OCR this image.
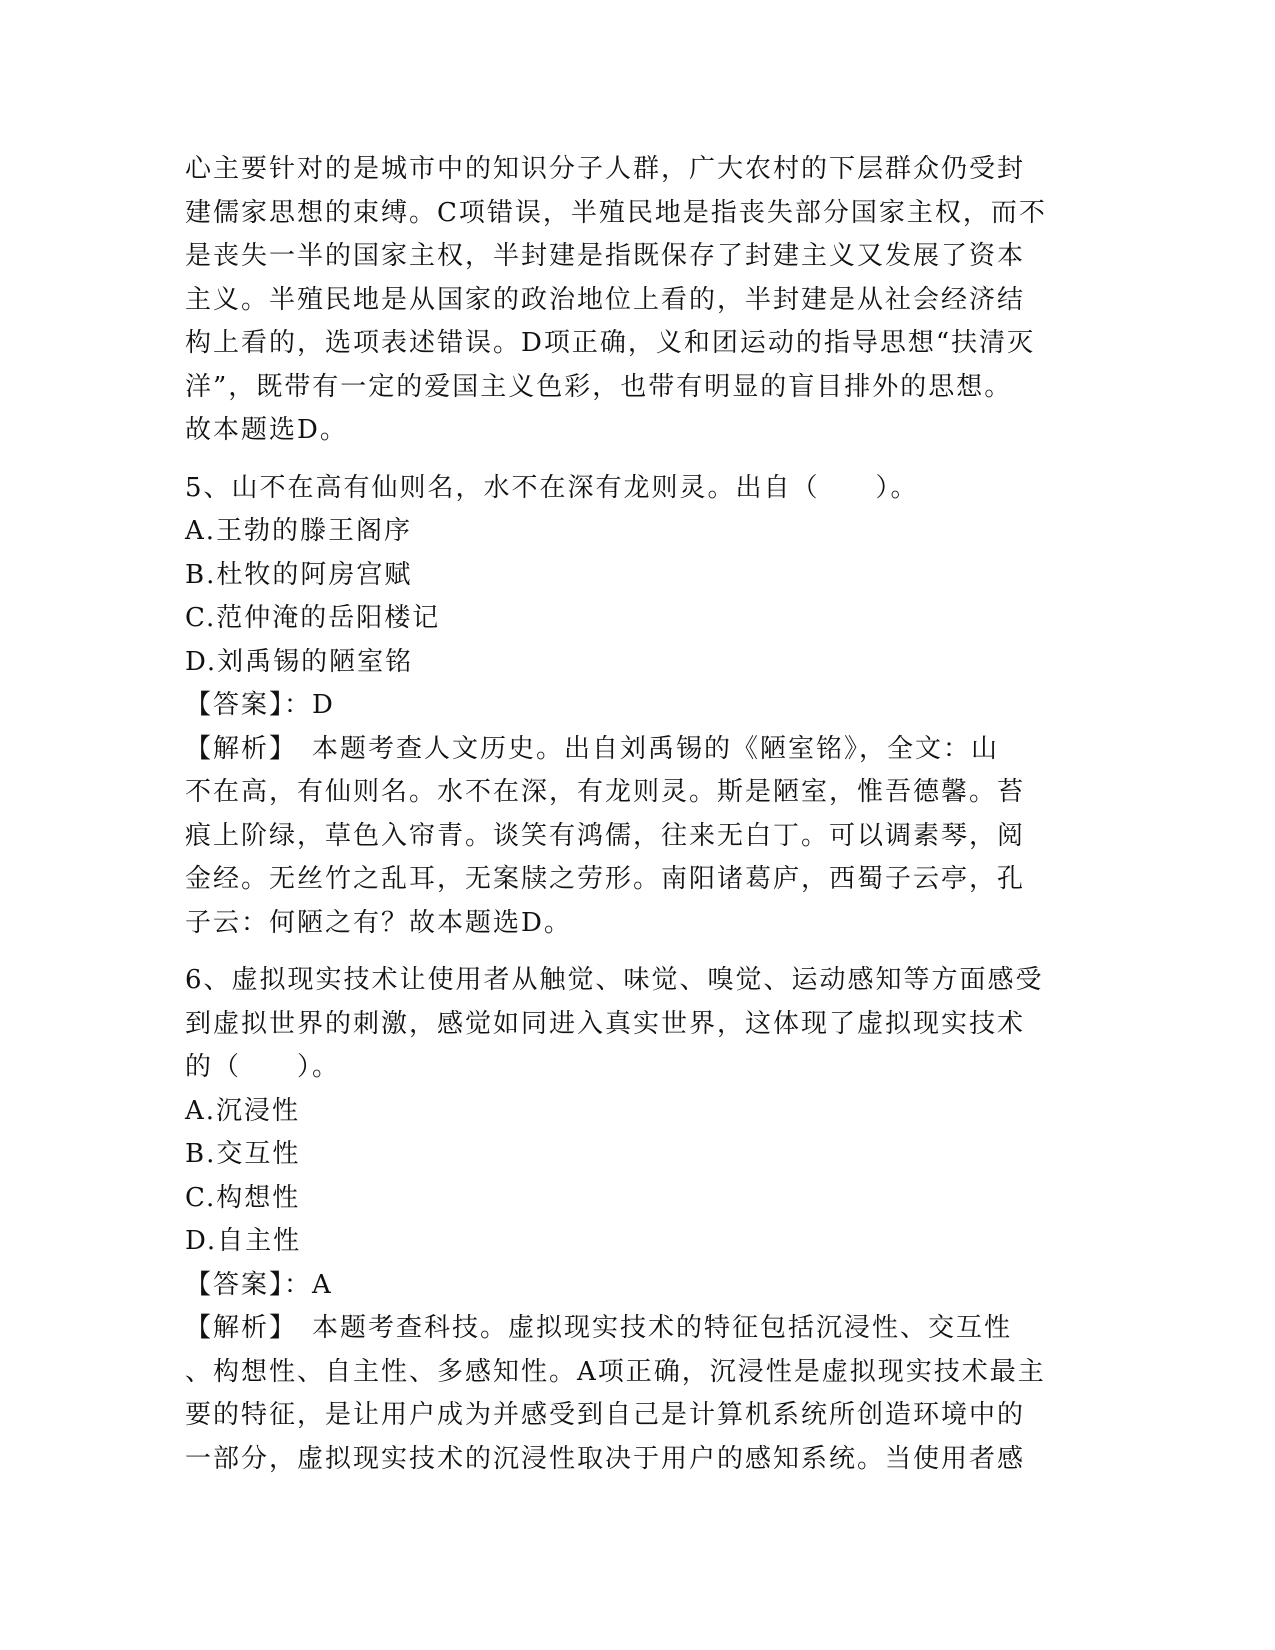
心主要针对的是城市中的知识分子人群，广大农村的下层群众仍受封
建儒家思想的束缚。C项错误，半殖民地是指丧失部分国家主权，而不
是丧失一半的国家主权，半封建是指既保存了封建主义又发展了资本
主义。半殖民地是从国家的政治地位上看的，半封建是从社会经济结
构上看的，选项表述错误。D项正确，义和团运动的指导思想“扶清灭
洋”，既带有一定的爱国主义色彩，也带有明显的盲目排外的思想。
故本题选D。
5、山不在高有仙则名，水不在深有龙则灵。出自（　　）。
A.王勃的滕王阁序
B.杜牧的阿房宫赋
C.范仲淹的岳阳楼记
D.刘禹锡的陋室铭
【答案】：D
【解析】　本题考查人文历史。出自刘禹锡的《陋室铭》，全文：山
不在高，有仙则名。水不在深，有龙则灵。斯是陋室，惟吾德馨。苔
痕上阶绿，草色入帘青。谈笑有鸿儒，往来无白丁。可以调素琴，阅
金经。无丝竹之乱耳，无案牍之劳形。南阳诸葛庐，西蜀子云亭，孔
子云：何陋之有？故本题选D。
6、虚拟现实技术让使用者从触觉、味觉、嗅觉、运动感知等方面感受
到虚拟世界的刺激，感觉如同进入真实世界，这体现了虚拟现实技术
的（　　）。
A.沉浸性
B.交互性
C.构想性
D.自主性
【答案】：A
【解析】　本题考查科技。虚拟现实技术的特征包括沉浸性、交互性
、构想性、自主性、多感知性。A项正确，沉浸性是虚拟现实技术最主
要的特征，是让用户成为并感受到自己是计算机系统所创造环境中的
一部分，虚拟现实技术的沉浸性取决于用户的感知系统。当使用者感
